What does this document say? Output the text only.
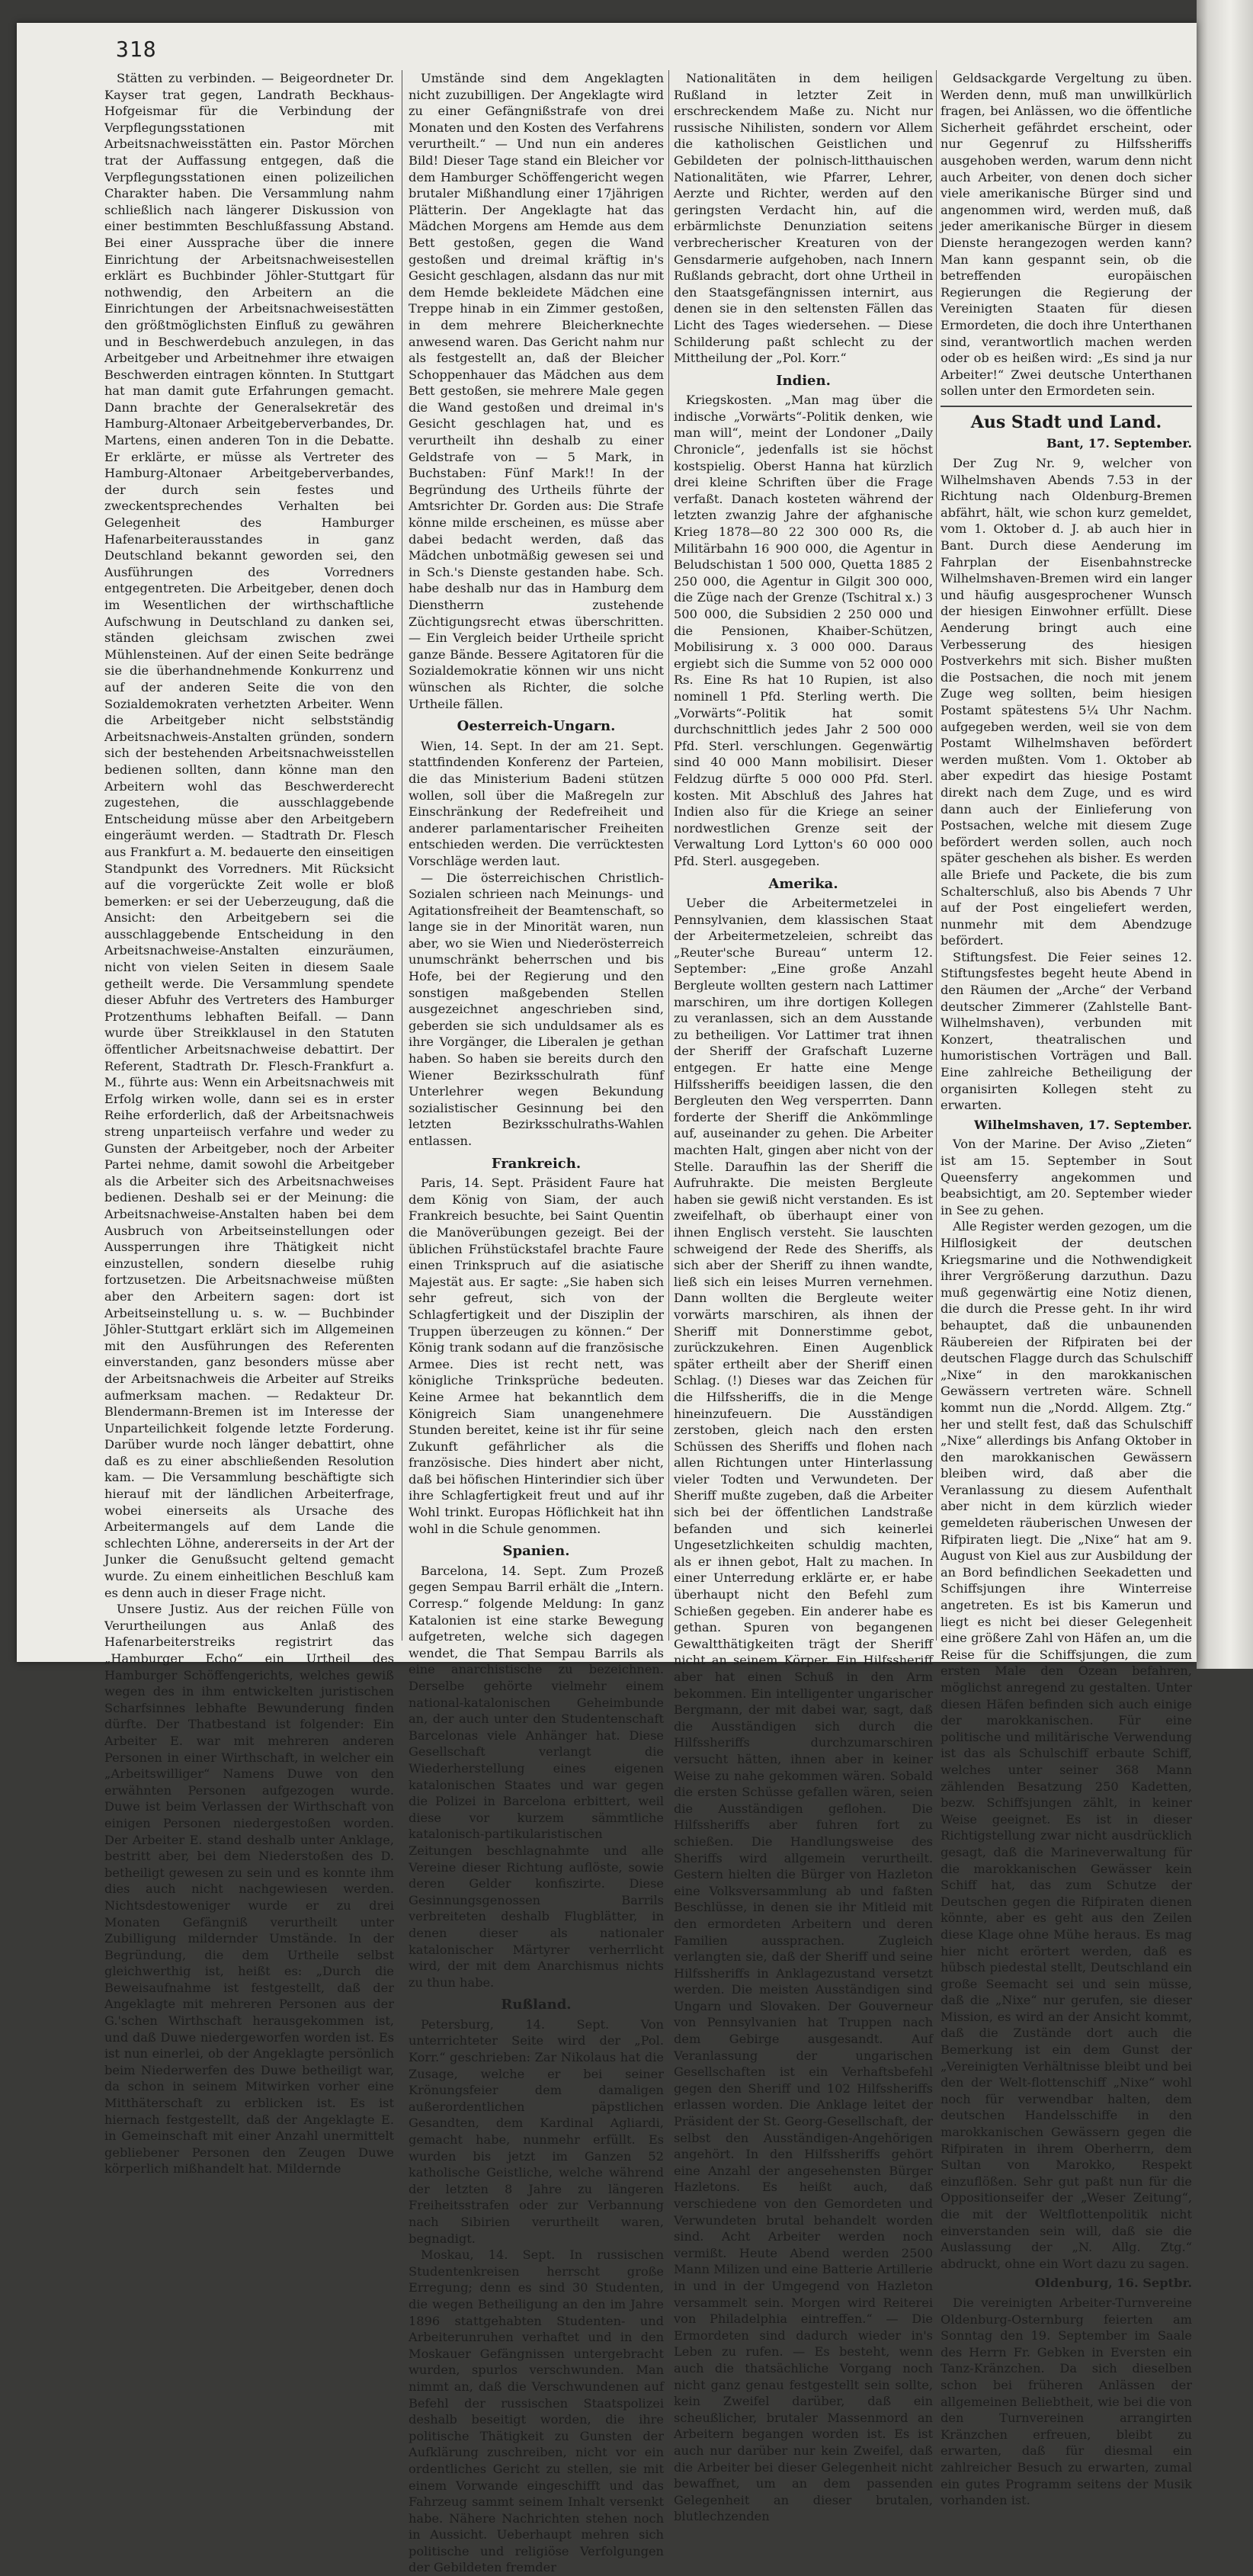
318

Stätten zu verbinden. — Beigeordneter Dr. Kayser trat gegen, Landrath Beckhaus-Hofgeismar für die Verbindung der Verpflegungsstationen mit Arbeitsnachweisstätten ein. Pastor Mörchen trat der Auffassung entgegen, daß die Verpflegungsstationen einen polizeilichen Charakter haben. Die Versammlung nahm schließlich nach längerer Diskussion von einer bestimmten Beschlußfassung Abstand. Bei einer Aussprache über die innere Einrichtung der Arbeitsnachweisestellen erklärt es Buchbinder Jöhler-Stuttgart für nothwendig, den Arbeitern an die Einrichtungen der Arbeitsnachweisestätten den größtmöglichsten Einfluß zu gewähren und in Beschwerdebuch anzulegen, in das Arbeitgeber und Arbeitnehmer ihre etwaigen Beschwerden eintragen könnten. In Stuttgart hat man damit gute Erfahrungen gemacht. Dann brachte der Generalsekretär des Hamburg-Altonaer Arbeitgeberverbandes, Dr. Martens, einen anderen Ton in die Debatte. Er erklärte, er müsse als Vertreter des Hamburg-Altonaer Arbeitgeberverbandes, der durch sein festes und zweckentsprechendes Verhalten bei Gelegenheit des Hamburger Hafenarbeiterausstandes in ganz Deutschland bekannt geworden sei, den Ausführungen des Vorredners entgegentreten. Die Arbeitgeber, denen doch im Wesentlichen der wirthschaftliche Aufschwung in Deutschland zu danken sei, ständen gleichsam zwischen zwei Mühlensteinen. Auf der einen Seite bedränge sie die überhandnehmende Konkurrenz und auf der anderen Seite die von den Sozialdemokraten verhetzten Arbeiter. Wenn die Arbeitgeber nicht selbstständig Arbeitsnachweis-Anstalten gründen, sondern sich der bestehenden Arbeitsnachweisstellen bedienen sollten, dann könne man den Arbeitern wohl das Beschwerderecht zugestehen, die ausschlaggebende Entscheidung müsse aber den Arbeitgebern eingeräumt werden. — Stadtrath Dr. Flesch aus Frankfurt a. M. bedauerte den einseitigen Standpunkt des Vorredners. Mit Rücksicht auf die vorgerückte Zeit wolle er bloß bemerken: er sei der Ueberzeugung, daß die Ansicht: den Arbeitgebern sei die ausschlaggebende Entscheidung in den Arbeitsnachweise-Anstalten einzuräumen, nicht von vielen Seiten in diesem Saale getheilt werde. Die Versammlung spendete dieser Abfuhr des Vertreters des Hamburger Protzenthums lebhaften Beifall. — Dann wurde über Streikklausel in den Statuten öffentlicher Arbeitsnachweise debattirt. Der Referent, Stadtrath Dr. Flesch-Frankfurt a. M., führte aus: Wenn ein Arbeitsnachweis mit Erfolg wirken wolle, dann sei es in erster Reihe erforderlich, daß der Arbeitsnachweis streng unparteiisch verfahre und weder zu Gunsten der Arbeitgeber, noch der Arbeiter Partei nehme, damit sowohl die Arbeitgeber als die Arbeiter sich des Arbeitsnachweises bedienen. Deshalb sei er der Meinung: die Arbeitsnachweise-Anstalten haben bei dem Ausbruch von Arbeitseinstellungen oder Aussperrungen ihre Thätigkeit nicht einzustellen, sondern dieselbe ruhig fortzusetzen. Die Arbeitsnachweise müßten aber den Arbeitern sagen: dort ist Arbeitseinstellung u. s. w. — Buchbinder Jöhler-Stuttgart erklärt sich im Allgemeinen mit den Ausführungen des Referenten einverstanden, ganz besonders müsse aber der Arbeitsnachweis die Arbeiter auf Streiks aufmerksam machen. — Redakteur Dr. Blendermann-Bremen ist im Interesse der Unparteilichkeit folgende letzte Forderung. Darüber wurde noch länger debattirt, ohne daß es zu einer abschließenden Resolution kam. — Die Versammlung beschäftigte sich hierauf mit der ländlichen Arbeiterfrage, wobei einerseits als Ursache des Arbeitermangels auf dem Lande die schlechten Löhne, andererseits in der Art der Junker die Genußsucht geltend gemacht wurde. Zu einem einheitlichen Beschluß kam es denn auch in dieser Frage nicht.

Unsere Justiz. Aus der reichen Fülle von Verurtheilungen aus Anlaß des Hafenarbeiterstreiks registrirt das „Hamburger Echo“ ein Urtheil des Hamburger Schöffengerichts, welches gewiß wegen des in ihm entwickelten juristischen Scharfsinnes lebhafte Bewunderung finden dürfte. Der Thatbestand ist folgender: Ein Arbeiter E. war mit mehreren anderen Personen in einer Wirthschaft, in welcher ein „Arbeitswilliger“ Namens Duwe von den erwähnten Personen aufgezogen wurde. Duwe ist beim Verlassen der Wirthschaft von einigen Personen niedergestoßen worden. Der Arbeiter E. stand deshalb unter Anklage, bestritt aber, bei dem Niederstoßen des D. betheiligt gewesen zu sein und es konnte ihm dies auch nicht nachgewiesen werden. Nichtsdestoweniger wurde er zu drei Monaten Gefängniß verurtheilt unter Zubilligung mildernder Umstände. In der Begründung, die dem Urtheile selbst gleichwerthig ist, heißt es: „Durch die Beweisaufnahme ist festgestellt, daß der Angeklagte mit mehreren Personen aus der G.'schen Wirthschaft herausgekommen ist, und daß Duwe niedergeworfen worden ist. Es ist nun einerlei, ob der Angeklagte persönlich beim Niederwerfen des Duwe betheiligt war, da schon in seinem Mitwirken vorher eine Mitthäterschaft zu erblicken ist. Es ist hiernach festgestellt, daß der Angeklagte E. in Gemeinschaft mit einer Anzahl unermittelt gebliebener Personen den Zeugen Duwe körperlich mißhandelt hat. Mildernde

Umstände sind dem Angeklagten nicht zuzubilligen. Der Angeklagte wird zu einer Gefängnißstrafe von drei Monaten und den Kosten des Verfahrens verurtheilt.“ — Und nun ein anderes Bild! Dieser Tage stand ein Bleicher vor dem Hamburger Schöffengericht wegen brutaler Mißhandlung einer 17jährigen Plätterin. Der Angeklagte hat das Mädchen Morgens am Hemde aus dem Bett gestoßen, gegen die Wand gestoßen und dreimal kräftig in's Gesicht geschlagen, alsdann das nur mit dem Hemde bekleidete Mädchen eine Treppe hinab in ein Zimmer gestoßen, in dem mehrere Bleicherknechte anwesend waren. Das Gericht nahm nur als festgestellt an, daß der Bleicher Schoppenhauer das Mädchen aus dem Bett gestoßen, sie mehrere Male gegen die Wand gestoßen und dreimal in's Gesicht geschlagen hat, und es verurtheilt ihn deshalb zu einer Geldstrafe von — 5 Mark, in Buchstaben: Fünf Mark!! In der Begründung des Urtheils führte der Amtsrichter Dr. Gorden aus: Die Strafe könne milde erscheinen, es müsse aber dabei bedacht werden, daß das Mädchen unbotmäßig gewesen sei und in Sch.'s Dienste gestanden habe. Sch. habe deshalb nur das in Hamburg dem Dienstherrn zustehende Züchtigungsrecht etwas überschritten. — Ein Vergleich beider Urtheile spricht ganze Bände. Bessere Agitatoren für die Sozialdemokratie können wir uns nicht wünschen als Richter, die solche Urtheile fällen.

Oesterreich-Ungarn.

Wien, 14. Sept. In der am 21. Sept. stattfindenden Konferenz der Parteien, die das Ministerium Badeni stützen wollen, soll über die Maßregeln zur Einschränkung der Redefreiheit und anderer parlamentarischer Freiheiten entschieden werden. Die verrücktesten Vorschläge werden laut.

— Die österreichischen Christlich-Sozialen schrieen nach Meinungs- und Agitationsfreiheit der Beamtenschaft, so lange sie in der Minorität waren, nun aber, wo sie Wien und Niederösterreich unumschränkt beherrschen und bis Hofe, bei der Regierung und den sonstigen maßgebenden Stellen ausgezeichnet angeschrieben sind, geberden sie sich unduldsamer als es ihre Vorgänger, die Liberalen je gethan haben. So haben sie bereits durch den Wiener Bezirksschulrath fünf Unterlehrer wegen Bekundung sozialistischer Gesinnung bei den letzten Bezirksschulraths-Wahlen entlassen.

Frankreich.

Paris, 14. Sept. Präsident Faure hat dem König von Siam, der auch Frankreich besuchte, bei Saint Quentin die Manöverübungen gezeigt. Bei der üblichen Frühstückstafel brachte Faure einen Trinkspruch auf die asiatische Majestät aus. Er sagte: „Sie haben sich sehr gefreut, sich von der Schlagfertigkeit und der Disziplin der Truppen überzeugen zu können.“ Der König trank sodann auf die französische Armee. Dies ist recht nett, was königliche Trinksprüche bedeuten. Keine Armee hat bekanntlich dem Königreich Siam unangenehmere Stunden bereitet, keine ist ihr für seine Zukunft gefährlicher als die französische. Dies hindert aber nicht, daß bei höfischen Hinterindier sich über ihre Schlagfertigkeit freut und auf ihr Wohl trinkt. Europas Höflichkeit hat ihn wohl in die Schule genommen.

Spanien.

Barcelona, 14. Sept. Zum Prozeß gegen Sempau Barril erhält die „Intern. Corresp.“ folgende Meldung: In ganz Katalonien ist eine starke Bewegung aufgetreten, welche sich dagegen wendet, die That Sempau Barrils als eine anarchistische zu bezeichnen. Derselbe gehörte vielmehr einem national-katalonischen Geheimbunde an, der auch unter den Studentenschaft Barcelonas viele Anhänger hat. Diese Gesellschaft verlangt die Wiederherstellung eines eigenen katalonischen Staates und war gegen die Polizei in Barcelona erbittert, weil diese vor kurzem sämmtliche katalonisch-partikularistischen Zeitungen beschlagnahmte und alle Vereine dieser Richtung auflöste, sowie deren Gelder konfiszirte. Diese Gesinnungsgenossen Barrils verbreiteten deshalb Flugblätter, in denen dieser als nationaler katalonischer Märtyrer verherrlicht wird, der mit dem Anarchismus nichts zu thun habe.

Rußland.

Petersburg, 14. Sept. Von unterrichteter Seite wird der „Pol. Korr.“ geschrieben: Zar Nikolaus hat die Zusage, welche er bei seiner Krönungsfeier dem damaligen außerordentlichen päpstlichen Gesandten, dem Kardinal Agliardi, gemacht habe, nunmehr erfüllt. Es wurden bis jetzt im Ganzen 52 katholische Geistliche, welche während der letzten 8 Jahre zu längeren Freiheitsstrafen oder zur Verbannung nach Sibirien verurtheilt waren, begnadigt.

Moskau, 14. Sept. In russischen Studentenkreisen herrscht große Erregung; denn es sind 30 Studenten, die wegen Betheiligung an den im Jahre 1896 stattgehabten Studenten- und Arbeiterunruhen verhaftet und in den Moskauer Gefängnissen untergebracht wurden, spurlos verschwunden. Man nimmt an, daß die Verschwundenen auf Befehl der russischen Staatspolizei deshalb beseitigt worden, die ihre politische Thätigkeit zu Gunsten der Aufklärung zuschreiben, nicht vor ein ordentliches Gericht zu stellen, sie mit einem Vorwande eingeschifft und das Fahrzeug sammt seinem Inhalt versenkt habe. Nähere Nachrichten stehen noch in Aussicht. Ueberhaupt mehren sich politische und religiöse Verfolgungen der Gebildeten fremder

Nationalitäten in dem heiligen Rußland in letzter Zeit in erschreckendem Maße zu. Nicht nur russische Nihilisten, sondern vor Allem die katholischen Geistlichen und Gebildeten der polnisch-litthauischen Nationalitäten, wie Pfarrer, Lehrer, Aerzte und Richter, werden auf den geringsten Verdacht hin, auf die erbärmlichste Denunziation seitens verbrecherischer Kreaturen von der Gensdarmerie aufgehoben, nach Innern Rußlands gebracht, dort ohne Urtheil in den Staatsgefängnissen internirt, aus denen sie in den seltensten Fällen das Licht des Tages wiedersehen. — Diese Schilderung paßt schlecht zu der Mittheilung der „Pol. Korr.“

Indien.

Kriegskosten. „Man mag über die indische „Vorwärts“-Politik denken, wie man will“, meint der Londoner „Daily Chronicle“, jedenfalls ist sie höchst kostspielig. Oberst Hanna hat kürzlich drei kleine Schriften über die Frage verfaßt. Danach kosteten während der letzten zwanzig Jahre der afghanische Krieg 1878—80 22 300 000 Rs, die Militärbahn 16 900 000, die Agentur in Beludschistan 1 500 000, Quetta 1885 2 250 000, die Agentur in Gilgit 300 000, die Züge nach der Grenze (Tschitral x.) 3 500 000, die Subsidien 2 250 000 und die Pensionen, Khaiber-Schützen, Mobilisirung x. 3 000 000. Daraus ergiebt sich die Summe von 52 000 000 Rs. Eine Rs hat 10 Rupien, ist also nominell 1 Pfd. Sterling werth. Die „Vorwärts“-Politik hat somit durchschnittlich jedes Jahr 2 500 000 Pfd. Sterl. verschlungen. Gegenwärtig sind 40 000 Mann mobilisirt. Dieser Feldzug dürfte 5 000 000 Pfd. Sterl. kosten. Mit Abschluß des Jahres hat Indien also für die Kriege an seiner nordwestlichen Grenze seit der Verwaltung Lord Lytton's 60 000 000 Pfd. Sterl. ausgegeben.

Amerika.

Ueber die Arbeitermetzelei in Pennsylvanien, dem klassischen Staat der Arbeitermetzeleien, schreibt das „Reuter'sche Bureau“ unterm 12. September: „Eine große Anzahl Bergleute wollten gestern nach Lattimer marschiren, um ihre dortigen Kollegen zu veranlassen, sich an dem Ausstande zu betheiligen. Vor Lattimer trat ihnen der Sheriff der Grafschaft Luzerne entgegen. Er hatte eine Menge Hilfssheriffs beeidigen lassen, die den Bergleuten den Weg versperrten. Dann forderte der Sheriff die Ankömmlinge auf, auseinander zu gehen. Die Arbeiter machten Halt, gingen aber nicht von der Stelle. Daraufhin las der Sheriff die Aufruhrakte. Die meisten Bergleute haben sie gewiß nicht verstanden. Es ist zweifelhaft, ob überhaupt einer von ihnen Englisch versteht. Sie lauschten schweigend der Rede des Sheriffs, als sich aber der Sheriff zu ihnen wandte, ließ sich ein leises Murren vernehmen. Dann wollten die Bergleute weiter vorwärts marschiren, als ihnen der Sheriff mit Donnerstimme gebot, zurückzukehren. Einen Augenblick später ertheilt aber der Sheriff einen Schlag. (!) Dieses war das Zeichen für die Hilfssheriffs, die in die Menge hineinzufeuern. Die Ausständigen zerstoben, gleich nach den ersten Schüssen des Sheriffs und flohen nach allen Richtungen unter Hinterlassung vieler Todten und Verwundeten. Der Sheriff mußte zugeben, daß die Arbeiter sich bei der öffentlichen Landstraße befanden und sich keinerlei Ungesetzlichkeiten schuldig machten, als er ihnen gebot, Halt zu machen. In einer Unterredung erklärte er, er habe überhaupt nicht den Befehl zum Schießen gegeben. Ein anderer habe es gethan. Spuren von begangenen Gewaltthätigkeiten trägt der Sheriff nicht an seinem Körper. Ein Hilfssheriff aber hat einen Schuß in den Arm bekommen. Ein intelligenter ungarischer Bergmann, der mit dabei war, sagt, daß die Ausständigen sich durch die Hilfssheriffs durchzumarschiren versucht hätten, ihnen aber in keiner Weise zu nahe gekommen wären. Sobald die ersten Schüsse gefallen wären, seien die Ausständigen geflohen. Die Hilfssheriffs aber fuhren fort zu schießen. Die Handlungsweise des Sheriffs wird allgemein verurtheilt. Gestern hielten die Bürger von Hazleton eine Volksversammlung ab und faßten Beschlüsse, in denen sie ihr Mitleid mit den ermordeten Arbeitern und deren Familien aussprachen. Zugleich verlangten sie, daß der Sheriff und seine Hilfssheriffs in Anklagezustand versetzt werden. Die meisten Ausständigen sind Ungarn und Slovaken. Der Gouverneur von Pennsylvanien hat Truppen nach dem Gebirge ausgesandt. Auf Veranlassung der ungarischen Gesellschaften ist ein Verhaftsbefehl gegen den Sheriff und 102 Hilfssheriffs erlassen worden. Die Anklage leitet der Präsident der St. Georg-Gesellschaft, der selbst den Ausständigen-Angehörigen angehört. In den Hilfssheriffs gehört eine Anzahl der angesehensten Bürger Hazletons. Es heißt auch, daß verschiedene von den Gemordeten und Verwundeten brutal behandelt worden sind. Acht Arbeiter werden noch vermißt. Heute Abend werden 2500 Mann Milizen und eine Batterie Artillerie in und in der Umgegend von Hazleton versammelt sein. Morgen wird Reiterei von Philadelphia eintreffen.“ — Die Ermordeten sind dadurch wieder in's Leben zu rufen. — Es besteht, wenn auch die thatsächliche Vorgang noch nicht ganz genau festgestellt sein sollte, kein Zweifel darüber, daß ein scheußlicher, brutaler Massenmord an Arbeitern begangen worden ist. Es ist auch nur darüber nur kein Zweifel, daß die Arbeiter bei dieser Gelegenheit nicht bewaffnet, um an dem passenden Gelegenheit an dieser brutalen, blutlechzenden

Geldsackgarde Vergeltung zu üben. Werden denn, muß man unwillkürlich fragen, bei Anlässen, wo die öffentliche Sicherheit gefährdet erscheint, oder nur Gegenruf zu Hilfssheriffs ausgehoben werden, warum denn nicht auch Arbeiter, von denen doch sicher viele amerikanische Bürger sind und angenommen wird, werden muß, daß jeder amerikanische Bürger in diesem Dienste herangezogen werden kann? Man kann gespannt sein, ob die betreffenden europäischen Regierungen die Regierung der Vereinigten Staaten für diesen Ermordeten, die doch ihre Unterthanen sind, verantwortlich machen werden oder ob es heißen wird: „Es sind ja nur Arbeiter!“ Zwei deutsche Unterthanen sollen unter den Ermordeten sein.

Aus Stadt und Land.
Bant, 17. September.

Der Zug Nr. 9, welcher von Wilhelmshaven Abends 7.53 in der Richtung nach Oldenburg-Bremen abfährt, hält, wie schon kurz gemeldet, vom 1. Oktober d. J. ab auch hier in Bant. Durch diese Aenderung im Fahrplan der Eisenbahnstrecke Wilhelmshaven-Bremen wird ein langer und häufig ausgesprochener Wunsch der hiesigen Einwohner erfüllt. Diese Aenderung bringt auch eine Verbesserung des hiesigen Postverkehrs mit sich. Bisher mußten die Postsachen, die noch mit jenem Zuge weg sollten, beim hiesigen Postamt spätestens 5¼ Uhr Nachm. aufgegeben werden, weil sie von dem Postamt Wilhelmshaven befördert werden mußten. Vom 1. Oktober ab aber expedirt das hiesige Postamt direkt nach dem Zuge, und es wird dann auch der Einlieferung von Postsachen, welche mit diesem Zuge befördert werden sollen, auch noch später geschehen als bisher. Es werden alle Briefe und Packete, die bis zum Schalterschluß, also bis Abends 7 Uhr auf der Post eingeliefert werden, nunmehr mit dem Abendzuge befördert.

Stiftungsfest. Die Feier seines 12. Stiftungsfestes begeht heute Abend in den Räumen der „Arche“ der Verband deutscher Zimmerer (Zahlstelle Bant-Wilhelmshaven), verbunden mit Konzert, theatralischen und humoristischen Vorträgen und Ball. Eine zahlreiche Betheiligung der organisirten Kollegen steht zu erwarten.

Wilhelmshaven, 17. September.

Von der Marine. Der Aviso „Zieten“ ist am 15. September in Sout Queensferry angekommen und beabsichtigt, am 20. September wieder in See zu gehen.

Alle Register werden gezogen, um die Hilflosigkeit der deutschen Kriegsmarine und die Nothwendigkeit ihrer Vergrößerung darzuthun. Dazu muß gegenwärtig eine Notiz dienen, die durch die Presse geht. In ihr wird behauptet, daß die unbaunenden Räubereien der Rifpiraten bei der deutschen Flagge durch das Schulschiff „Nixe“ in den marokkanischen Gewässern vertreten wäre. Schnell kommt nun die „Nordd. Allgem. Ztg.“ her und stellt fest, daß das Schulschiff „Nixe“ allerdings bis Anfang Oktober in den marokkanischen Gewässern bleiben wird, daß aber die Veranlassung zu diesem Aufenthalt aber nicht in dem kürzlich wieder gemeldeten räuberischen Unwesen der Rifpiraten liegt. Die „Nixe“ hat am 9. August von Kiel aus zur Ausbildung der an Bord befindlichen Seekadetten und Schiffsjungen ihre Winterreise angetreten. Es ist bis Kamerun und liegt es nicht bei dieser Gelegenheit eine größere Zahl von Häfen an, um die Reise für die Schiffsjungen, die zum ersten Male den Ozean befahren, möglichst anregend zu gestalten. Unter diesen Häfen befinden sich auch einige der marokkanischen. Für eine politische und militärische Verwendung ist das als Schulschiff erbaute Schiff, welches unter seiner 368 Mann zählenden Besatzung 250 Kadetten, bezw. Schiffsjungen zählt, in keiner Weise geeignet. Es ist in dieser Richtigstellung zwar nicht ausdrücklich gesagt, daß die Marineverwaltung für die marokkanischen Gewässer kein Schiff hat, das zum Schutze der Deutschen gegen die Rifpiraten dienen könnte, aber es geht aus den Zeilen diese Klage ohne Mühe heraus. Es mag hier nicht erörtert werden, daß es hübsch piedestal stellt, Deutschland ein große Seemacht sei und sein müsse, daß die „Nixe“ nur gerufen, sie dieser Mission, es wird an der Ansicht kommt, daß die Zustände dort auch die Bemerkung ist ein dem Gunst der „Vereinigten Verhältnisse bleibt und bei den der Welt-flottenschiff „Nixe“ wohl noch für verwendbar halten, dem deutschen Handelsschiffe in den marokkanischen Gewässern gegen die Rifpiraten in ihrem Oberherrn, dem Sultan von Marokko, Respekt einzuflößen. Sehr gut paßt nun für die Oppositionseifer der „Weser Zeitung“, die mit der Weltflottenpolitik nicht einverstanden sein will, daß sie die Auslassung der „N. Allg. Ztg.“ abdruckt, ohne ein Wort dazu zu sagen.

Oldenburg, 16. Septbr.

Die vereinigten Arbeiter-Turnvereine Oldenburg-Osternburg feierten am Sonntag den 19. September im Saale des Herrn Fr. Gebken in Eversten ein Tanz-Kränzchen. Da sich dieselben schon bei früheren Anlässen der allgemeinen Beliebtheit, wie bei die von den Turnvereinen arrangirten Kränzchen erfreuen, bleibt zu erwarten, daß für diesmal ein zahlreicher Besuch zu erwarten, zumal ein gutes Programm seitens der Musik vorhanden ist.
